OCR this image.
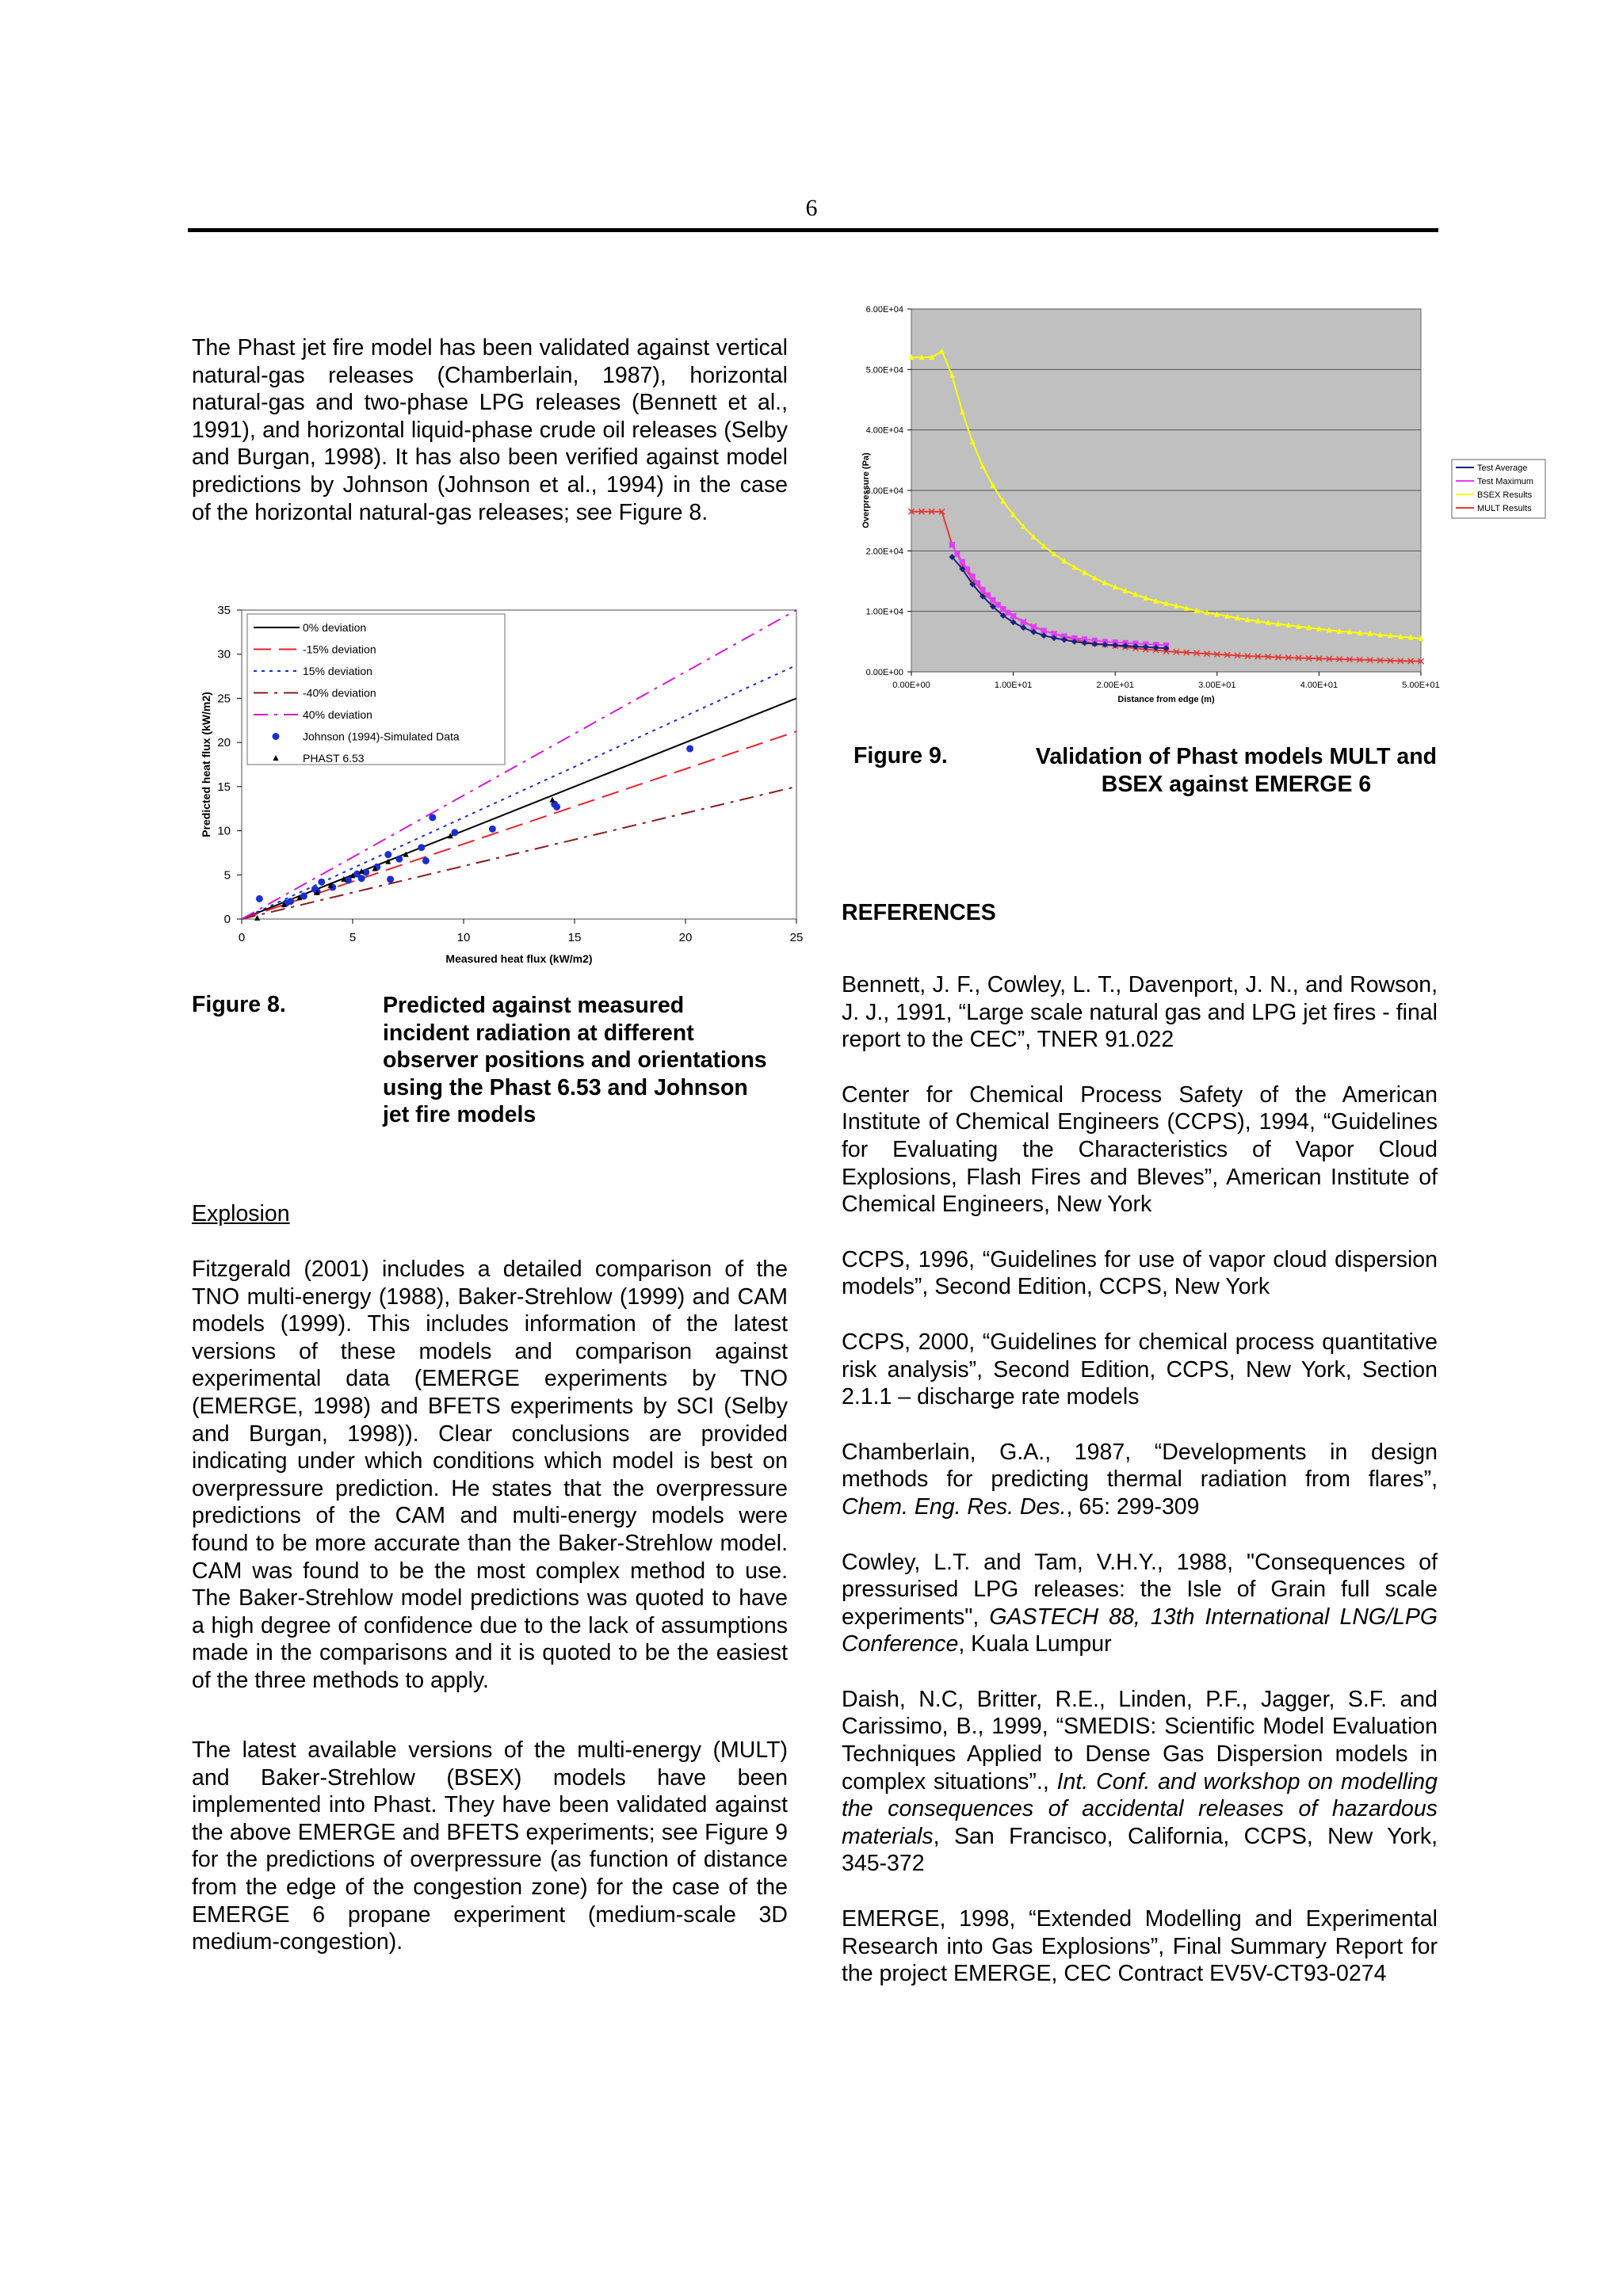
6

The Phast jet fire model has been validated against vertical natural-gas releases (Chamberlain, 1987), horizontal natural-gas and two-phase LPG releases (Bennett et al., 1991), and horizontal liquid-phase crude oil releases (Selby and Burgan, 1998). It has also been verified against model predictions by Johnson (Johnson et al., 1994) in the case of the horizontal natural-gas releases; see Figure 8.

0	5	10	15	20	25
0
5
10
15
20
25
30
35
Measured heat flux (kW/m2)
Predicted heat flux (kW/m2)
0% deviation
-15% deviation
15% deviation
-40% deviation
40% deviation
Johnson (1994)-Simulated Data
PHAST 6.53
Figure 8.	Predicted against measured incident radiation at different observer positions and orientations using the Phast 6.53 and Johnson jet fire models
Explosion

Fitzgerald (2001) includes a detailed comparison of the TNO multi-energy (1988), Baker-Strehlow (1999) and CAM models (1999). This includes information of the latest versions of these models and comparison against experimental data (EMERGE experiments by TNO (EMERGE, 1998) and BFETS experiments by SCI (Selby and Burgan, 1998)). Clear conclusions are provided indicating under which conditions which model is best on overpressure prediction. He states that the overpressure predictions of the CAM and multi-energy models were found to be more accurate than the Baker-Strehlow model. CAM was found to be the most complex method to use. The Baker-Strehlow model predictions was quoted to have a high degree of confidence due to the lack of assumptions made in the comparisons and it is quoted to be the easiest of the three methods to apply.

The latest available versions of the multi-energy (MULT) and Baker-Strehlow (BSEX) models have been implemented into Phast. They have been validated against the above EMERGE and BFETS experiments; see Figure 9 for the predictions of overpressure (as function of distance from the edge of the congestion zone) for the case of the EMERGE 6 propane experiment (medium-scale 3D medium-congestion).

0.00E+00
1.00E+04
2.00E+04
3.00E+04
4.00E+04
5.00E+04
6.00E+04
0.00E+00	1.00E+01	2.00E+01	3.00E+01	4.00E+01	5.00E+01
Distance from edge (m)
Overpressure (Pa)	Test Average
Test Maximum
BSEX Results
MULT Results
Figure 9.	Validation of Phast models MULT and BSEX against EMERGE 6
REFERENCES

Bennett, J. F., Cowley, L. T., Davenport, J. N., and Rowson, J. J., 1991, “Large scale natural gas and LPG jet fires - final report to the CEC”, TNER 91.022

Center for Chemical Process Safety of the American Institute of Chemical Engineers (CCPS), 1994, “Guidelines for Evaluating the Characteristics of Vapor Cloud Explosions, Flash Fires and Bleves”, American Institute of Chemical Engineers, New York

CCPS, 1996, “Guidelines for use of vapor cloud dispersion models”, Second Edition, CCPS, New York

CCPS, 2000, “Guidelines for chemical process quantitative risk analysis”, Second Edition, CCPS, New York, Section 2.1.1 – discharge rate models

Chamberlain, G.A., 1987, “Developments in design methods for predicting thermal radiation from flares”, Chem. Eng. Res. Des., 65: 299-309

Cowley, L.T. and Tam, V.H.Y., 1988, "Consequences of pressurised LPG releases: the Isle of Grain full scale experiments", GASTECH 88, 13th International LNG/LPG Conference, Kuala Lumpur

Daish, N.C, Britter, R.E., Linden, P.F., Jagger, S.F. and Carissimo, B., 1999, “SMEDIS: Scientific Model Evaluation Techniques Applied to Dense Gas Dispersion models in complex situations”., Int. Conf. and workshop on modelling the consequences of accidental releases of hazardous materials, San Francisco, California, CCPS, New York, 345-372

EMERGE, 1998, “Extended Modelling and Experimental Research into Gas Explosions”, Final Summary Report for the project EMERGE, CEC Contract EV5V-CT93-0274
